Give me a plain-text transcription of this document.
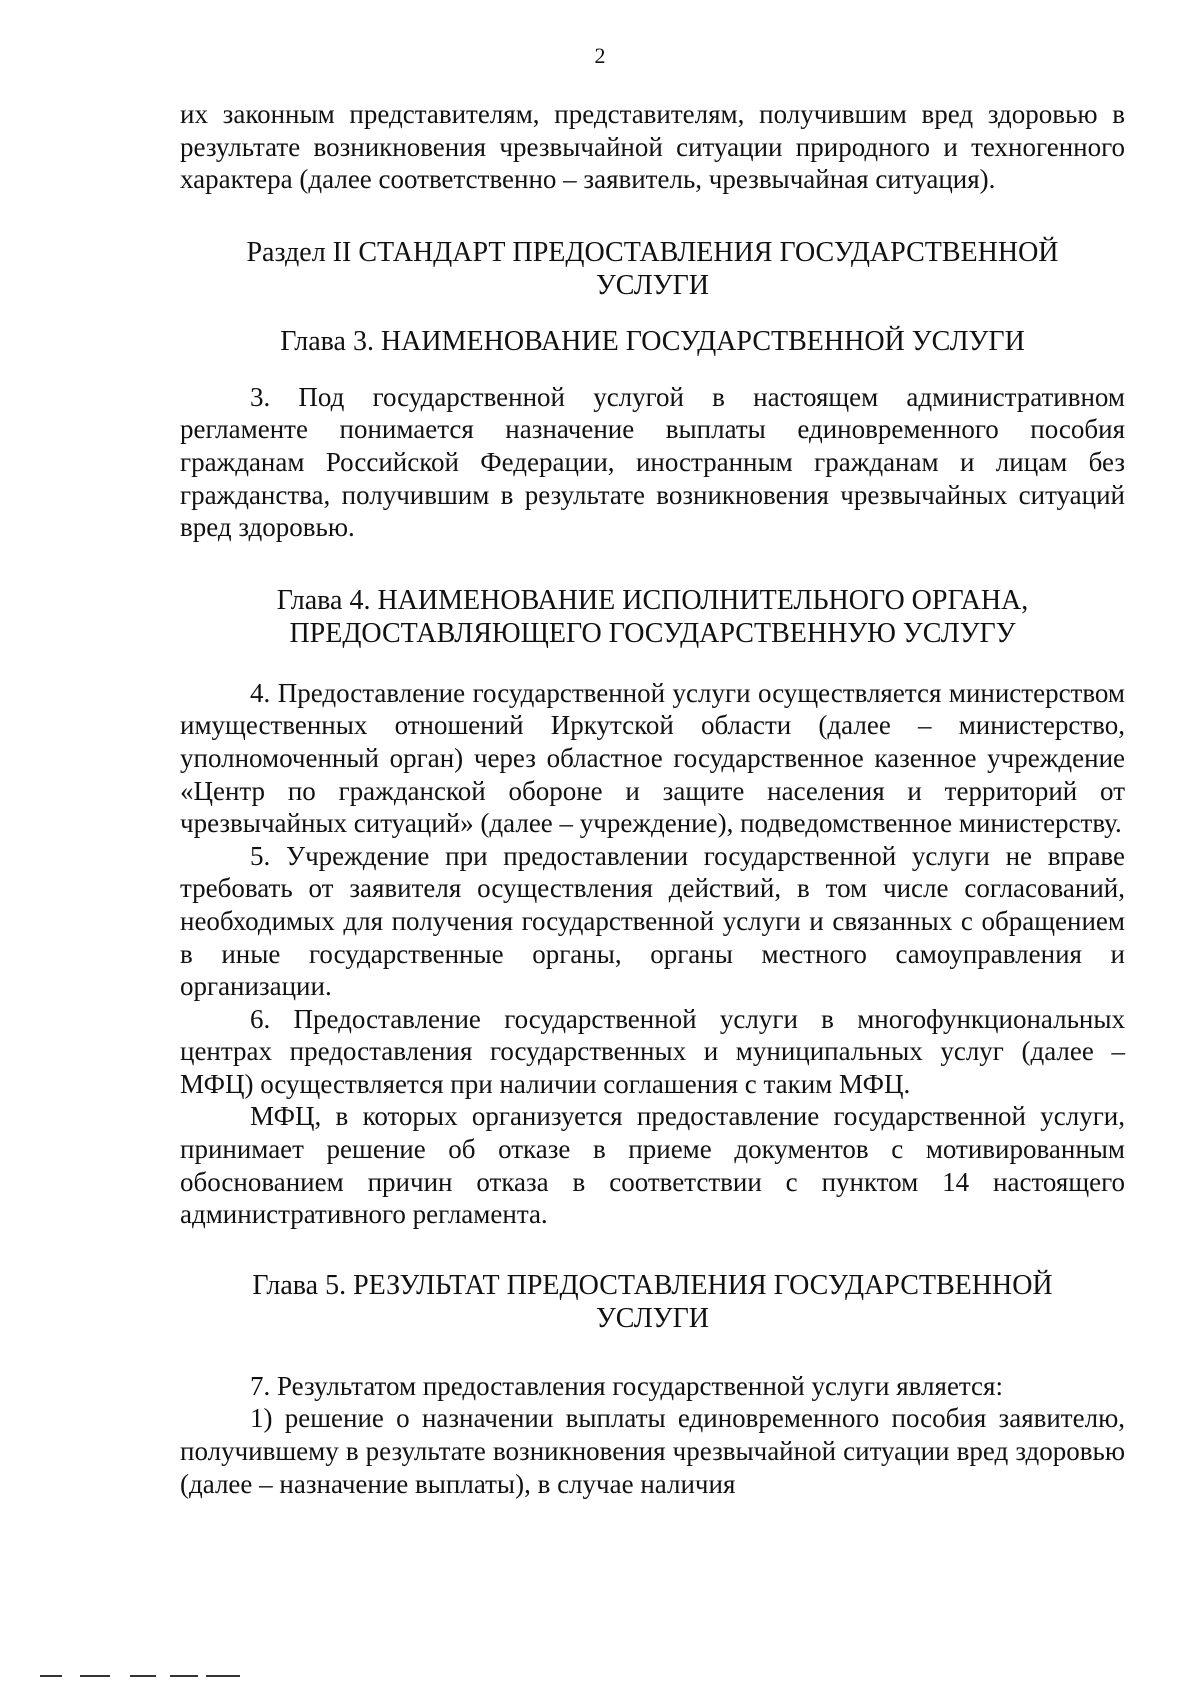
2

их законным представителям, представителям, получившим вред здоровью в результате возникновения чрезвычайной ситуации природного и техногенного характера (далее соответственно – заявитель, чрезвычайная ситуация).

Раздел II СТАНДАРТ ПРЕДОСТАВЛЕНИЯ ГОСУДАРСТВЕННОЙ
УСЛУГИ
Глава 3. НАИМЕНОВАНИЕ ГОСУДАРСТВЕННОЙ УСЛУГИ

3. Под государственной услугой в настоящем административном регламенте понимается назначение выплаты единовременного пособия гражданам Российской Федерации, иностранным гражданам и лицам без гражданства, получившим в результате возникновения чрезвычайных ситуаций вред здоровью.

Глава 4. НАИМЕНОВАНИЕ ИСПОЛНИТЕЛЬНОГО ОРГАНА,
ПРЕДОСТАВЛЯЮЩЕГО ГОСУДАРСТВЕННУЮ УСЛУГУ

4. Предоставление государственной услуги осуществляется министерством имущественных отношений Иркутской области (далее – министерство, уполномоченный орган) через областное государственное казенное учреждение «Центр по гражданской обороне и защите населения и территорий от чрезвычайных ситуаций» (далее – учреждение), подведомственное министерству.

5. Учреждение при предоставлении государственной услуги не вправе требовать от заявителя осуществления действий, в том числе согласований, необходимых для получения государственной услуги и связанных с обращением в иные государственные органы, органы местного самоуправления и организации.

6. Предоставление государственной услуги в многофункциональных центрах предоставления государственных и муниципальных услуг (далее – МФЦ) осуществляется при наличии соглашения с таким МФЦ.

МФЦ, в которых организуется предоставление государственной услуги, принимает решение об отказе в приеме документов с мотивированным обоснованием причин отказа в соответствии с пунктом 14 настоящего административного регламента.

Глава 5. РЕЗУЛЬТАТ ПРЕДОСТАВЛЕНИЯ ГОСУДАРСТВЕННОЙ
УСЛУГИ

7. Результатом предоставления государственной услуги является:

1) решение о назначении выплаты единовременного пособия заявителю, получившему в результате возникновения чрезвычайной ситуации вред здоровью (далее – назначение выплаты), в случае наличия
